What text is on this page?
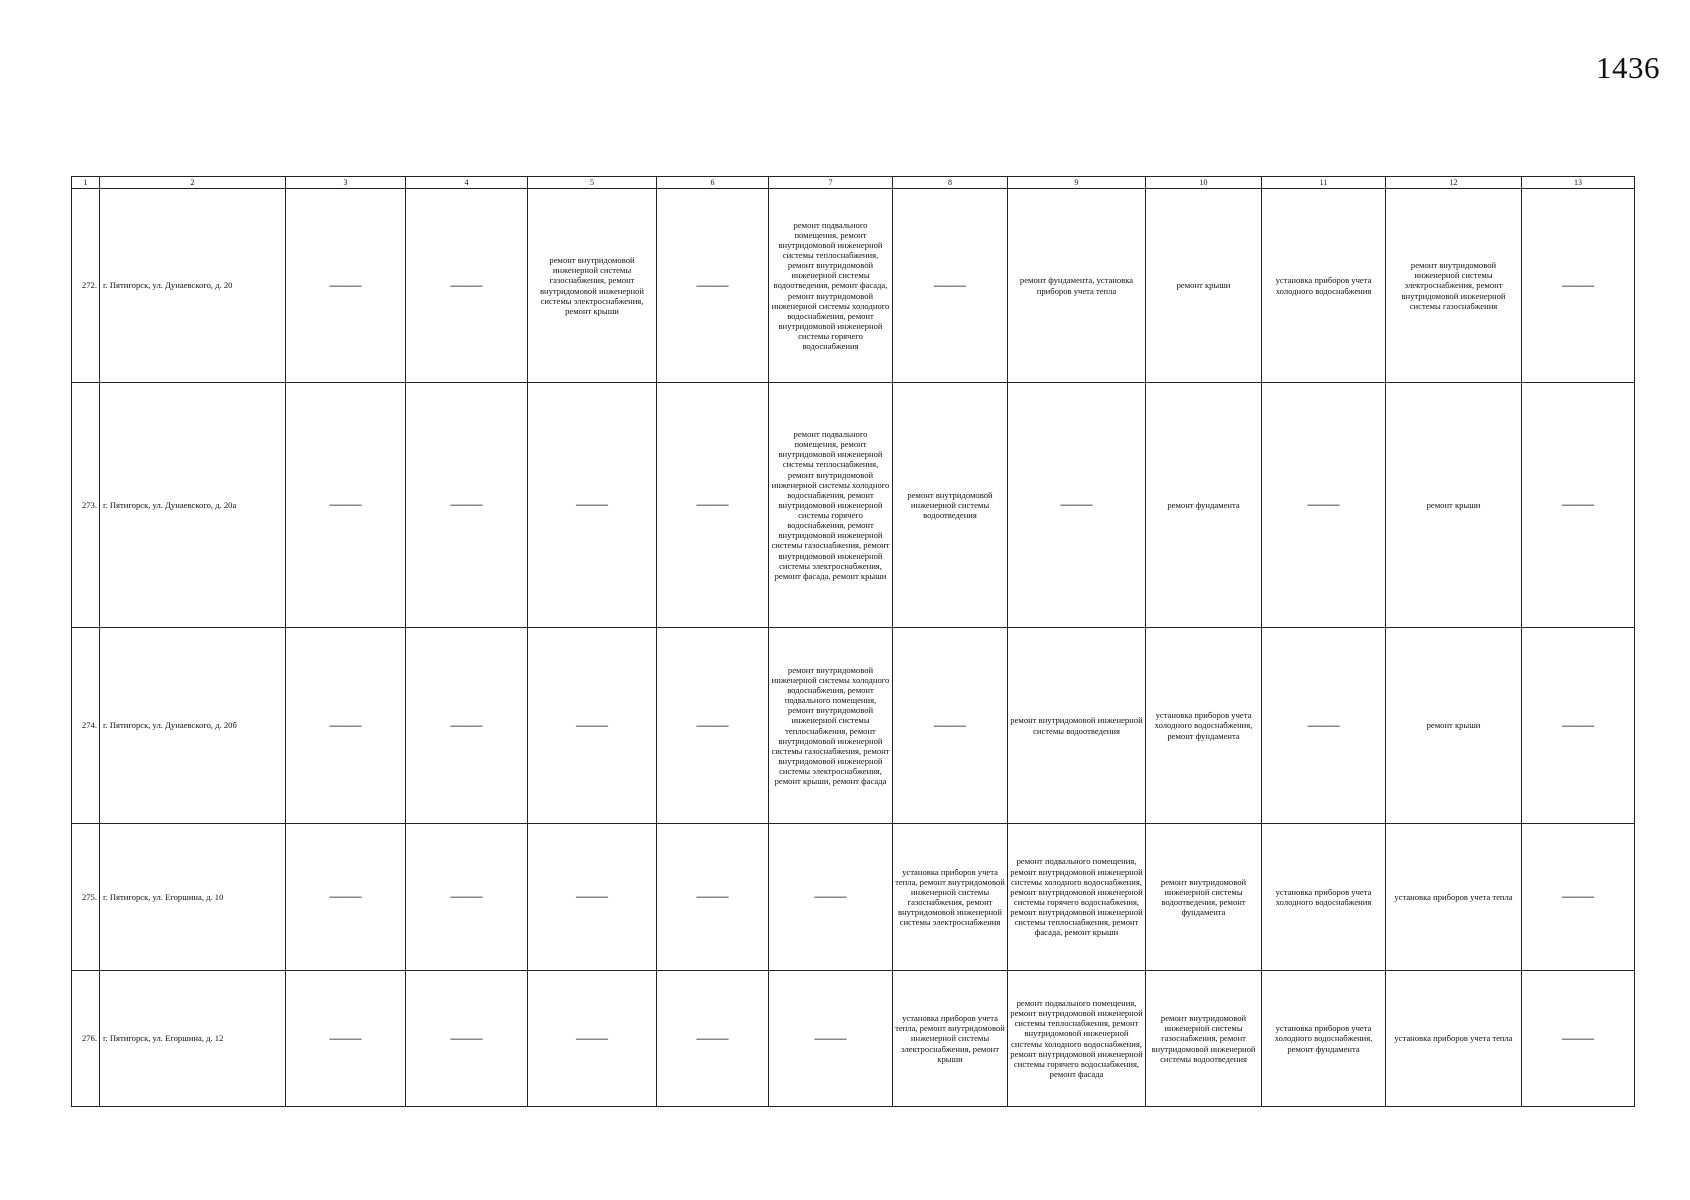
1436
1	2	3	4	5	6	7	8	9	10	11	12	13
272.	г. Пятигорск, ул. Дунаевского, д. 20	——	——	ремонт внутридомовой инженерной системы газоснабжения, ремонт внутридомовой инженерной системы электроснабжения, ремонт крыши	——	ремонт подвального помещения, ремонт внутридомовой инженерной системы теплоснабжения, ремонт внутридомовой инженерной системы водоотведения, ремонт фасада, ремонт внутридомовой инженерной системы холодного водоснабжения, ремонт внутридомовой инженерной системы горячего водоснабжения	——	ремонт фундамента, установка приборов учета тепла	ремонт крыши	установка приборов учета холодного водоснабжения	ремонт внутридомовой инженерной системы электроснабжения, ремонт внутридомовой инженерной системы газоснабжения	——
273.	г. Пятигорск, ул. Дунаевского, д. 20а	——	——	——	——	ремонт подвального помещения, ремонт внутридомовой инженерной системы теплоснабжения, ремонт внутридомовой инженерной системы холодного водоснабжения, ремонт внутридомовой инженерной системы горячего водоснабжения, ремонт внутридомовой инженерной системы газоснабжения, ремонт внутридомовой инженерной системы электроснабжения, ремонт фасада, ремонт крыши	ремонт внутридомовой инженерной системы водоотведения	——	ремонт фундамента	——	ремонт крыши	——
274.	г. Пятигорск, ул. Дунаевского, д. 20б	——	——	——	——	ремонт внутридомовой инженерной системы холодного водоснабжения, ремонт подвального помещения, ремонт внутридомовой инженерной системы теплоснабжения, ремонт внутридомовой инженерной системы газоснабжения, ремонт внутридомовой инженерной системы электроснабжения, ремонт крыши, ремонт фасада	——	ремонт внутридомовой инженерной системы водоотведения	установка приборов учета холодного водоснабжения, ремонт фундамента	——	ремонт крыши	——
275.	г. Пятигорск, ул. Егоршина, д. 10	——	——	——	——	——	установка приборов учета тепла, ремонт внутридомовой инженерной системы газоснабжения, ремонт внутридомовой инженерной системы электроснабжения	ремонт подвального помещения, ремонт внутридомовой инженерной системы холодного водоснабжения, ремонт внутридомовой инженерной системы горячего водоснабжения, ремонт внутридомовой инженерной системы теплоснабжения, ремонт фасада, ремонт крыши	ремонт внутридомовой инженерной системы водоотведения, ремонт фундамента	установка приборов учета холодного водоснабжения	установка приборов учета тепла	——
276.	г. Пятигорск, ул. Егоршина, д. 12	——	——	——	——	——	установка приборов учета тепла, ремонт внутридомовой инженерной системы электроснабжения, ремонт крыши	ремонт подвального помещения, ремонт внутридомовой инженерной системы теплоснабжения, ремонт внутридомовой инженерной системы холодного водоснабжения, ремонт внутридомовой инженерной системы горячего водоснабжения, ремонт фасада	ремонт внутридомовой инженерной системы газоснабжения, ремонт внутридомовой инженерной системы водоотведения	установка приборов учета холодного водоснабжения, ремонт фундамента	установка приборов учета тепла	——
